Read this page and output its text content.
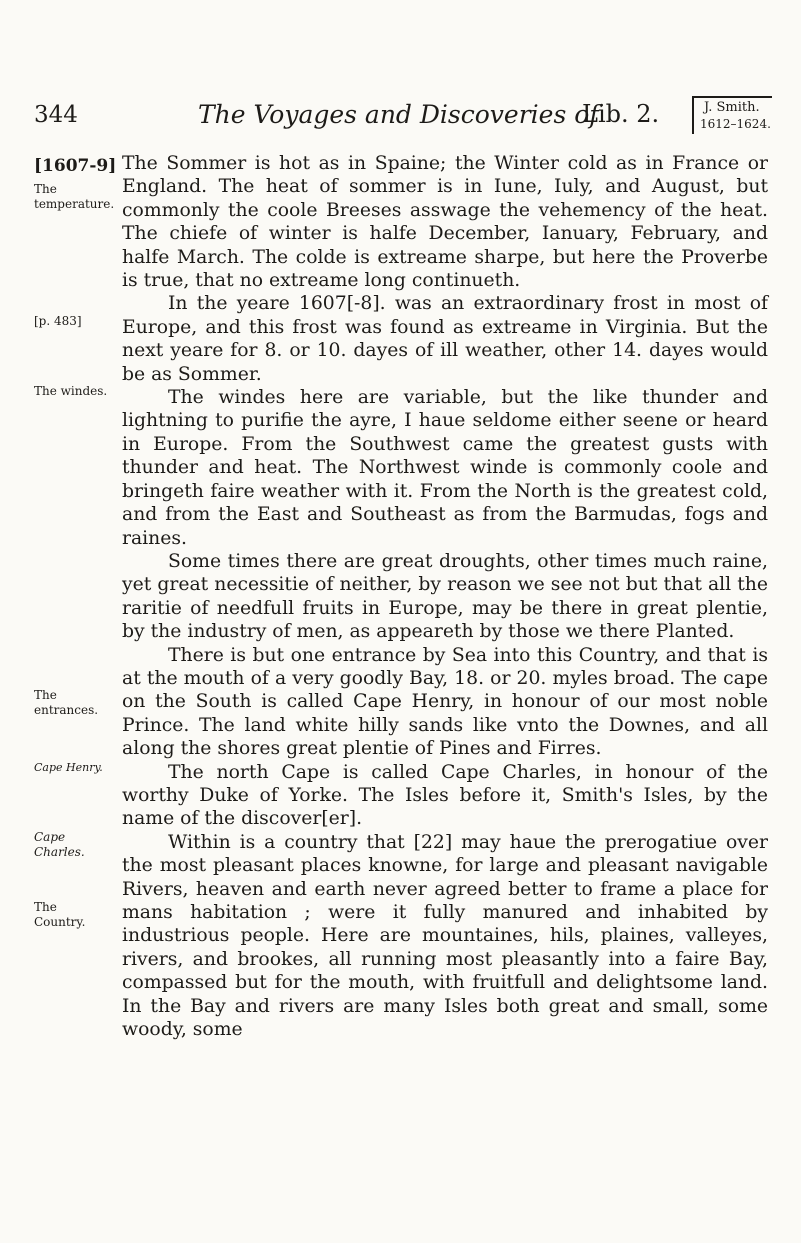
344	The Voyages and Discoveries of
Lib. 2.	J. Smith.
1612–1624.
[1607-9]
The temperature.
[p. 483]
The windes.
The entrances.
Cape Henry.
Cape Charles.
The Country.

The Sommer is hot as in Spaine; the Winter cold as in France or England. The heat of sommer is in Iune, Iuly, and August, but commonly the coole Breeses asswage the vehemency of the heat. The chiefe of winter is halfe December, Ianuary, February, and halfe March. The colde is extreame sharpe, but here the Proverbe is true, that no extreame long continueth.

In the yeare 1607[-8]. was an extraordinary frost in most of Europe, and this frost was found as extreame in Virginia. But the next yeare for 8. or 10. dayes of ill weather, other 14. dayes would be as Sommer.

The windes here are variable, but the like thunder and lightning to purifie the ayre, I haue seldome either seene or heard in Europe. From the Southwest came the greatest gusts with thunder and heat. The Northwest winde is commonly coole and bringeth faire weather with it. From the North is the greatest cold, and from the East and Southeast as from the Barmudas, fogs and raines.

Some times there are great droughts, other times much raine, yet great necessitie of neither, by reason we see not but that all the raritie of needfull fruits in Europe, may be there in great plentie, by the industry of men, as appeareth by those we there Planted.

There is but one entrance by Sea into this Country, and that is at the mouth of a very goodly Bay, 18. or 20. myles broad. The cape on the South is called Cape Henry, in honour of our most noble Prince. The land white hilly sands like vnto the Downes, and all along the shores great plentie of Pines and Firres.

The north Cape is called Cape Charles, in honour of the worthy Duke of Yorke. The Isles before it, Smith's Isles, by the name of the discover[er].

Within is a country that [22] may haue the prerogatiue over the most pleasant places knowne, for large and pleasant navigable Rivers, heaven and earth never agreed better to frame a place for mans habitation ; were it fully manured and inhabited by industrious people. Here are mountaines, hils, plaines, valleyes, rivers, and brookes, all running most pleasantly into a faire Bay, compassed but for the mouth, with fruitfull and delightsome land. In the Bay and rivers are many Isles both great and small, some woody, some
